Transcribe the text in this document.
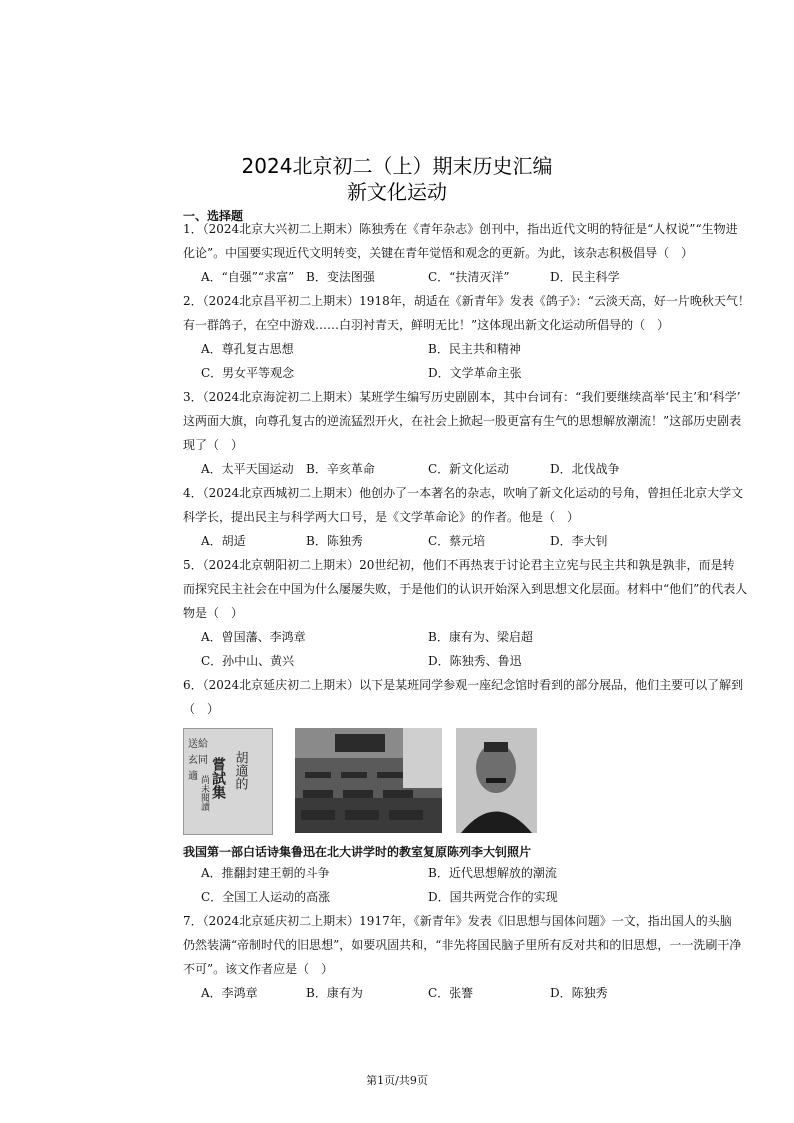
2024北京初二（上）期末历史汇编
新文化运动
一、选择题
1．（2024北京大兴初二上期末）陈独秀在《青年杂志》创刊中，指出近代文明的特征是“人权说”“生物进
化论”。中国要实现近代文明转变，关键在青年觉悟和观念的更新。为此，该杂志积极倡导（　）
A．“自强”“求富” B．变法图强	C．“扶清灭洋”	D．民主科学
2．（2024北京昌平初二上期末）1918年，胡适在《新青年》发表《鸽子》：“云淡天高，好一片晚秋天气！
有一群鸽子，在空中游戏……白羽衬青天，鲜明无比！”这体现出新文化运动所倡导的（　）
A．尊孔复古思想	B．民主共和精神
C．男女平等观念	D．文学革命主张
3．（2024北京海淀初二上期末）某班学生编写历史剧剧本，其中台词有：“我们要继续高举‘民主’和‘科学’
这两面大旗，向尊孔复古的逆流猛烈开火，在社会上掀起一股更富有生气的思想解放潮流！”这部历史剧表
现了（　）
A．太平天国运动 B．辛亥革命	C．新文化运动	D．北伐战争
4．（2024北京西城初二上期末）他创办了一本著名的杂志，吹响了新文化运动的号角，曾担任北京大学文
科学长，提出民主与科学两大口号，是《文学革命论》的作者。他是（　）
A．胡适	B．陈独秀	C．蔡元培	D．李大钊
5．（2024北京朝阳初二上期末）20世纪初，他们不再热衷于讨论君主立宪与民主共和孰是孰非，而是转
而探究民主社会在中国为什么屡屡失败，于是他们的认识开始深入到思想文化层面。材料中“他们”的代表人
物是（　）
A．曾国藩、李鸿章	B．康有为、梁启超
C．孙中山、黄兴	D．陈独秀、鲁迅
6．（2024北京延庆初二上期末）以下是某班同学参观一座纪念馆时看到的部分展品，他们主要可以了解到
（　）
送給
玄同
適 嘗試集 胡適的
尚未閱讀
我国第一部白话诗集鲁迅在北大讲学时的教室复原陈列李大钊照片
A．推翻封建王朝的斗争	B．近代思想解放的潮流
C．全国工人运动的高涨	D．国共两党合作的实现
7．（2024北京延庆初二上期末）1917年，《新青年》发表《旧思想与国体问题》一文，指出国人的头脑
仍然装满“帝制时代的旧思想”，如要巩固共和，“非先将国民脑子里所有反对共和的旧思想，一一洗刷干净
不可”。该文作者应是（　）
A．李鸿章	B．康有为	C．张謇	D．陈独秀
第1页/共9页
